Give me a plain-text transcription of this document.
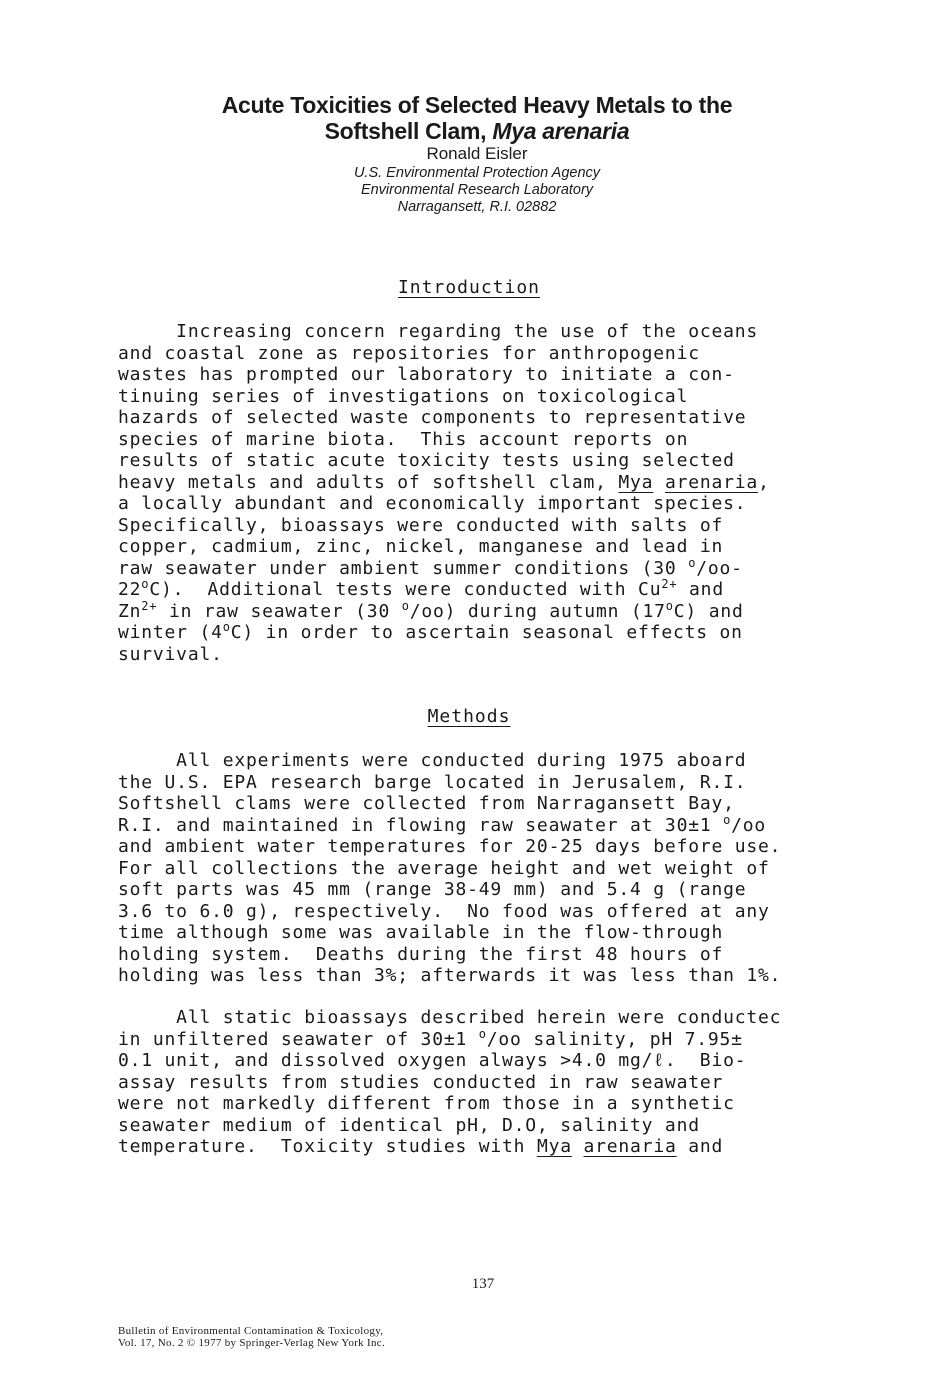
Acute Toxicities of Selected Heavy Metals to the
Softshell Clam, Mya arenaria
Ronald Eisler
U.S. Environmental Protection Agency
Environmental Research Laboratory
Narragansett, R.I. 02882
Introduction
Increasing concern regarding the use of the oceans
and coastal zone as repositories for anthropogenic
wastes has prompted our laboratory to initiate a con-
tinuing series of investigations on toxicological
hazards of selected waste components to representative
species of marine biota.  This account reports on
results of static acute toxicity tests using selected
heavy metals and adults of softshell clam, Mya arenaria,
a locally abundant and economically important species.
Specifically, bioassays were conducted with salts of
copper, cadmium, zinc, nickel, manganese and lead in
raw seawater under ambient summer conditions (30 $^o$/oo-
22$^o$C).  Additional tests were conducted with $Cu^{2+}$ and
$Zn^{2+}$ in raw seawater (30 $^o$/oo) during autumn (17$^o$C) and
winter (4$^o$C) in order to ascertain seasonal effects on
survival.
Methods
All experiments were conducted during 1975 aboard
the U.S. EPA research barge located in Jerusalem, R.I.
Softshell clams were collected from Narragansett Bay,
R.I. and maintained in flowing raw seawater at 30±1 $^o$/oo
and ambient water temperatures for 20-25 days before use.
For all collections the average height and wet weight of
soft parts was 45 mm (range 38-49 mm) and 5.4 g (range
3.6 to 6.0 g), respectively.  No food was offered at any
time although some was available in the flow-through
holding system.  Deaths during the first 48 hours of
holding was less than 3%; afterwards it was less than 1%.
All static bioassays described herein were conductec
in unfiltered seawater of 30±1 $^o$/oo salinity, pH 7.95±
0.1 unit, and dissolved oxygen always >4.0 mg/ℓ.  Bio-
assay results from studies conducted in raw seawater
were not markedly different from those in a synthetic
seawater medium of identical pH, D.O, salinity and
temperature.  Toxicity studies with Mya arenaria and
137
Bulletin of Environmental Contamination & Toxicology,
Vol. 17, No. 2 © 1977 by Springer-Verlag New York Inc.
